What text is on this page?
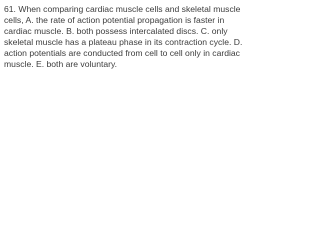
61. When comparing cardiac muscle cells and skeletal muscle
cells, A. the rate of action potential propagation is faster in
cardiac muscle. B. both possess intercalated discs. C. only
skeletal muscle has a plateau phase in its contraction cycle. D.
action potentials are conducted from cell to cell only in cardiac
muscle. E. both are voluntary.
